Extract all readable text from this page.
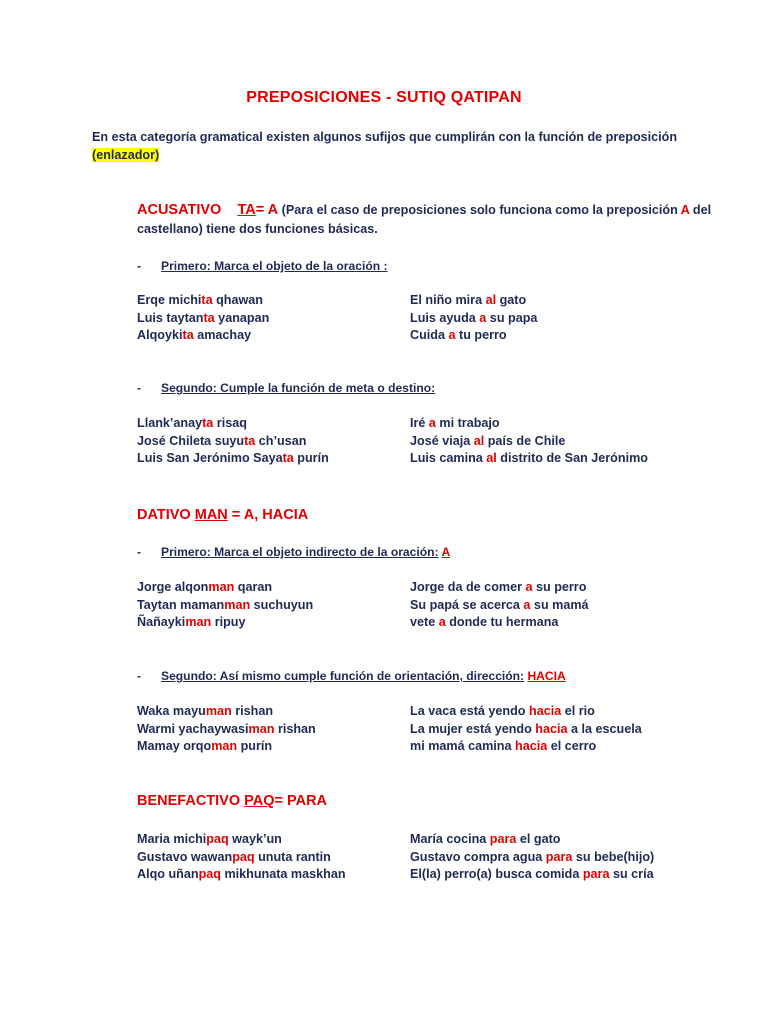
PREPOSICIONES - SUTIQ QATIPAN
En esta categoría gramatical existen algunos sufijos que cumplirán con la función de preposición
(enlazador)
ACUSATIVO TA= A (Para el caso de preposiciones solo funciona como la preposición A del
castellano) tiene dos funciones básicas.
- Primero: Marca el objeto de la oración :
Erqe michita qhawan
Luis taytanta yanapan
Alqoykita amachay
El niño mira al gato
Luis ayuda a su papa
Cuida a tu perro
- Segundo: Cumple la función de meta o destino:
Llank’anayta risaq
José Chileta suyuta ch’usan
Luis San Jerónimo Sayata purín
Iré a mi trabajo
José viaja al país de Chile
Luis camina al distrito de San Jerónimo
DATIVO MAN = A, HACIA
- Primero: Marca el objeto indirecto de la oración: A
Jorge alqonman qaran
Taytan mamanman suchuyun
Ñañaykiman ripuy
Jorge da de comer a su perro
Su papá se acerca a su mamá
vete a donde tu hermana
- Segundo: Así mismo cumple función de orientación, dirección: HACIA
Waka mayuman rishan
Warmi yachaywasiman rishan
Mamay orqoman purín
La vaca está yendo hacia el rio
La mujer está yendo hacia a la escuela
mi mamá camina hacia el cerro
BENEFACTIVO PAQ= PARA
Maria michipaq wayk’un
Gustavo wawanpaq unuta rantin
Alqo uñanpaq mikhunata maskhan
María cocina para el gato
Gustavo compra agua para su bebe(hijo)
El(la) perro(a) busca comida para su cría
